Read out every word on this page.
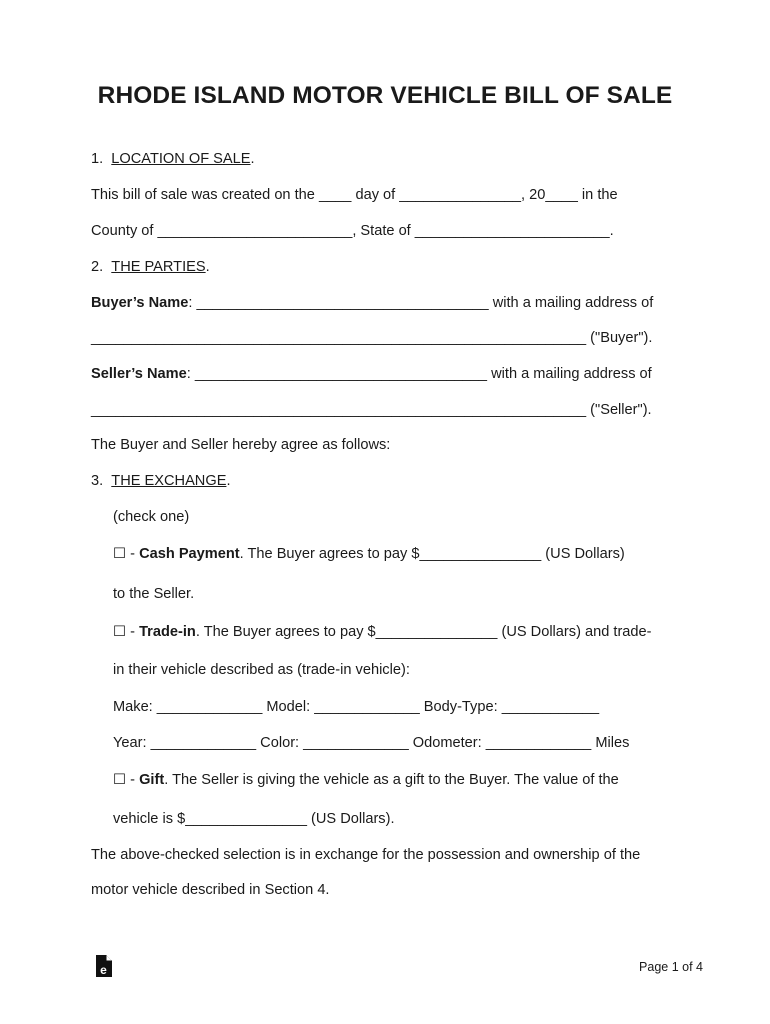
RHODE ISLAND MOTOR VEHICLE BILL OF SALE
1. LOCATION OF SALE.
This bill of sale was created on the ____ day of _______________, 20____ in the
County of ________________________, State of ________________________.
2. THE PARTIES.
Buyer’s Name: ____________________________________ with a mailing address of
_____________________________________________________________ ("Buyer").
Seller’s Name: ____________________________________ with a mailing address of
_____________________________________________________________ ("Seller").
The Buyer and Seller hereby agree as follows:
3. THE EXCHANGE.
(check one)
☐ - Cash Payment. The Buyer agrees to pay $_______________ (US Dollars)
to the Seller.
☐ - Trade-in. The Buyer agrees to pay $_______________ (US Dollars) and trade-
in their vehicle described as (trade-in vehicle):
Make: _____________ Model: _____________ Body-Type: ____________
Year: _____________ Color: _____________ Odometer: _____________ Miles
☐ - Gift. The Seller is giving the vehicle as a gift to the Buyer. The value of the
vehicle is $_______________ (US Dollars).
The above-checked selection is in exchange for the possession and ownership of the
motor vehicle described in Section 4.
e	Page 1 of 4
